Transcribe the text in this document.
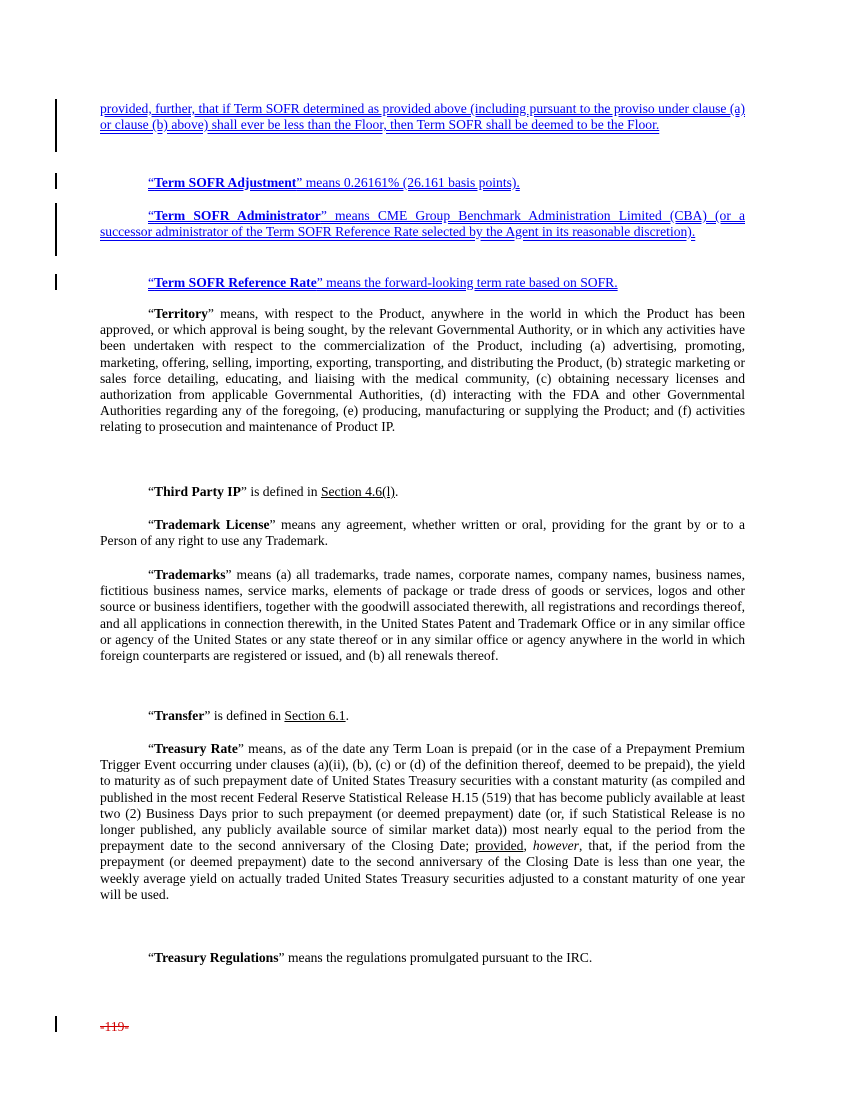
provided, further, that if Term SOFR determined as provided above (including pursuant to the proviso under clause (a) or clause (b) above) shall ever be less than the Floor, then Term SOFR shall be deemed to be the Floor.

“Term SOFR Adjustment” means 0.26161% (26.161 basis points).

“Term SOFR Administrator” means CME Group Benchmark Administration Limited (CBA) (or a successor administrator of the Term SOFR Reference Rate selected by the Agent in its reasonable discretion).

“Term SOFR Reference Rate” means the forward-looking term rate based on SOFR.

“Territory” means, with respect to the Product, anywhere in the world in which the Product has been approved, or which approval is being sought, by the relevant Governmental Authority, or in which any activities have been undertaken with respect to the commercialization of the Product, including (a) advertising, promoting, marketing, offering, selling, importing, exporting, transporting, and distributing the Product, (b) strategic marketing or sales force detailing, educating, and liaising with the medical community, (c) obtaining necessary licenses and authorization from applicable Governmental Authorities, (d) interacting with the FDA and other Governmental Authorities regarding any of the foregoing, (e) producing, manufacturing or supplying the Product; and (f) activities relating to prosecution and maintenance of Product IP.

“Third Party IP” is defined in Section 4.6(l).

“Trademark License” means any agreement, whether written or oral, providing for the grant by or to a Person of any right to use any Trademark.

“Trademarks” means (a) all trademarks, trade names, corporate names, company names, business names, fictitious business names, service marks, elements of package or trade dress of goods or services, logos and other source or business identifiers, together with the goodwill associated therewith, all registrations and recordings thereof, and all applications in connection therewith, in the United States Patent and Trademark Office or in any similar office or agency of the United States or any state thereof or in any similar office or agency anywhere in the world in which foreign counterparts are registered or issued, and (b) all renewals thereof.

“Transfer” is defined in Section 6.1.

“Treasury Rate” means, as of the date any Term Loan is prepaid (or in the case of a Prepayment Premium Trigger Event occurring under clauses (a)(ii), (b), (c) or (d) of the definition thereof, deemed to be prepaid), the yield to maturity as of such prepayment date of United States Treasury securities with a constant maturity (as compiled and published in the most recent Federal Reserve Statistical Release H.15 (519) that has become publicly available at least two (2) Business Days prior to such prepayment (or deemed prepayment) date (or, if such Statistical Release is no longer published, any publicly available source of similar market data)) most nearly equal to the period from the prepayment date to the second anniversary of the Closing Date; provided, however, that, if the period from the prepayment (or deemed prepayment) date to the second anniversary of the Closing Date is less than one year, the weekly average yield on actually traded United States Treasury securities adjusted to a constant maturity of one year will be used.

“Treasury Regulations” means the regulations promulgated pursuant to the IRC.

-119-
